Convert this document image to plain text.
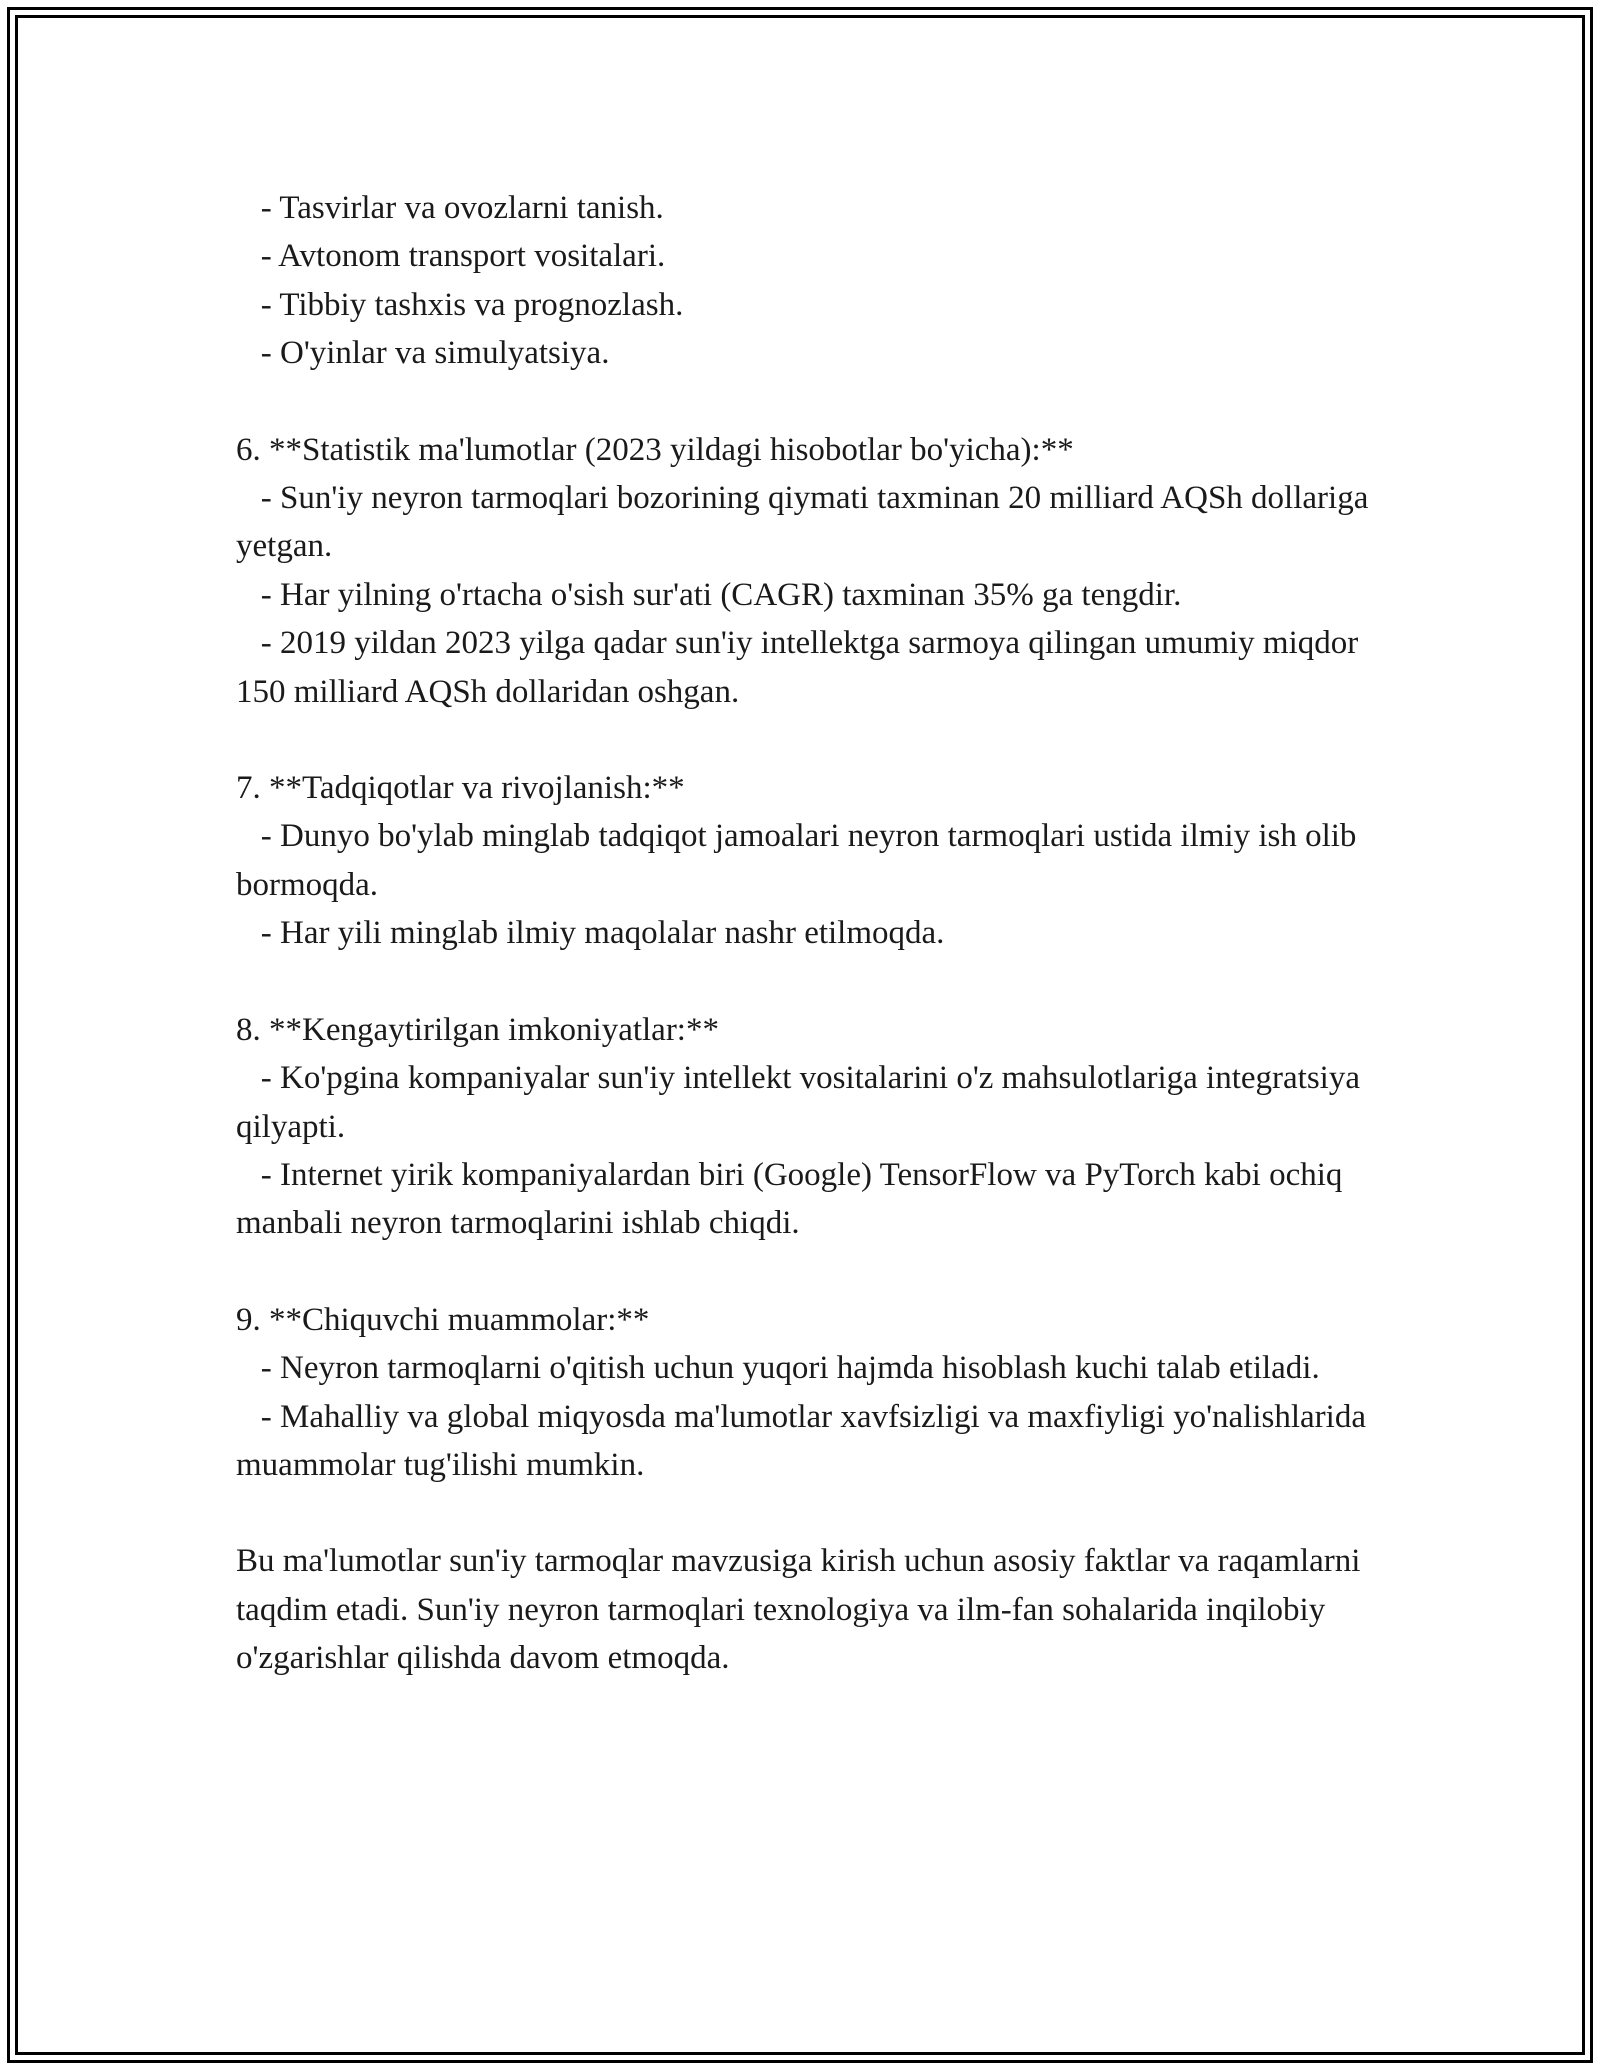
- Tasvirlar va ovozlarni tanish.
- Avtonom transport vositalari.
- Tibbiy tashxis va prognozlash.
- O'yinlar va simulyatsiya.
6. **Statistik ma'lumotlar (2023 yildagi hisobotlar bo'yicha):**
- Sun'iy neyron tarmoqlari bozorining qiymati taxminan 20 milliard AQSh dollariga yetgan.
- Har yilning o'rtacha o'sish sur'ati (CAGR) taxminan 35% ga tengdir.
- 2019 yildan 2023 yilga qadar sun'iy intellektga sarmoya qilingan umumiy miqdor 150 milliard AQSh dollaridan oshgan.
7. **Tadqiqotlar va rivojlanish:**
- Dunyo bo'ylab minglab tadqiqot jamoalari neyron tarmoqlari ustida ilmiy ish olib bormoqda.
- Har yili minglab ilmiy maqolalar nashr etilmoqda.
8. **Kengaytirilgan imkoniyatlar:**
- Ko'pgina kompaniyalar sun'iy intellekt vositalarini o'z mahsulotlariga integratsiya qilyapti.
- Internet yirik kompaniyalardan biri (Google) TensorFlow va PyTorch kabi ochiq manbali neyron tarmoqlarini ishlab chiqdi.
9. **Chiquvchi muammolar:**
- Neyron tarmoqlarni o'qitish uchun yuqori hajmda hisoblash kuchi talab etiladi.
- Mahalliy va global miqyosda ma'lumotlar xavfsizligi va maxfiyligi yo'nalishlarida muammolar tug'ilishi mumkin.
Bu ma'lumotlar sun'iy tarmoqlar mavzusiga kirish uchun asosiy faktlar va raqamlarni taqdim etadi. Sun'iy neyron tarmoqlari texnologiya va ilm-fan sohalarida inqilobiy o'zgarishlar qilishda davom etmoqda.
